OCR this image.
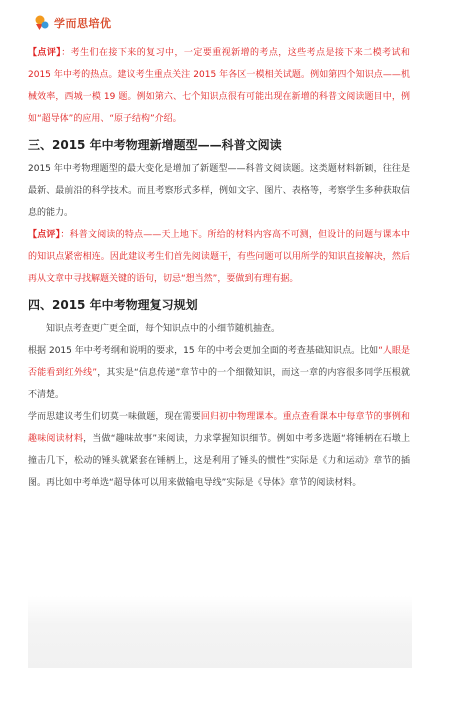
学而思培优

【点评】：考生们在接下来的复习中，一定要重视新增的考点，这些考点是接下来二模考试和 2015 年中考的热点。建议考生重点关注 2015 年各区一模相关试题。例如第四个知识点——机械效率，西城一模 19 题。例如第六、七个知识点很有可能出现在新增的科普文阅读题目中，例如“超导体”的应用、“原子结构”介绍。

三、2015 年中考物理新增题型——科普文阅读

2015 年中考物理题型的最大变化是增加了新题型——科普文阅读题。这类题材料新颖，往往是最新、最前沿的科学技术。而且考察形式多样，例如文字、图片、表格等，考察学生多种获取信息的能力。

【点评】：科普文阅读的特点——天上地下。所给的材料内容高不可测，但设计的问题与课本中的知识点紧密相连。因此建议考生们首先阅读题干，有些问题可以用所学的知识直接解决，然后再从文章中寻找解题关键的语句，切忌“想当然”，要做到有理有据。

四、2015 年中考物理复习规划

知识点考查更广更全面，每个知识点中的小细节随机抽查。

根据 2015 年中考考纲和说明的要求，15 年的中考会更加全面的考查基础知识点。比如“人眼是否能看到红外线”，其实是“信息传递”章节中的一个细微知识，而这一章的内容很多同学压根就不清楚。

学而思建议考生们切莫一味做题，现在需要回归初中物理课本。重点查看课本中每章节的事例和趣味阅读材料，当做“趣味故事”来阅读，力求掌握知识细节。例如中考多选题“将锤柄在石墩上撞击几下，松动的锤头就紧套在锤柄上，这是利用了锤头的惯性”实际是《力和运动》章节的插图。再比如中考单选“超导体可以用来做输电导线”实际是《导体》章节的阅读材料。
